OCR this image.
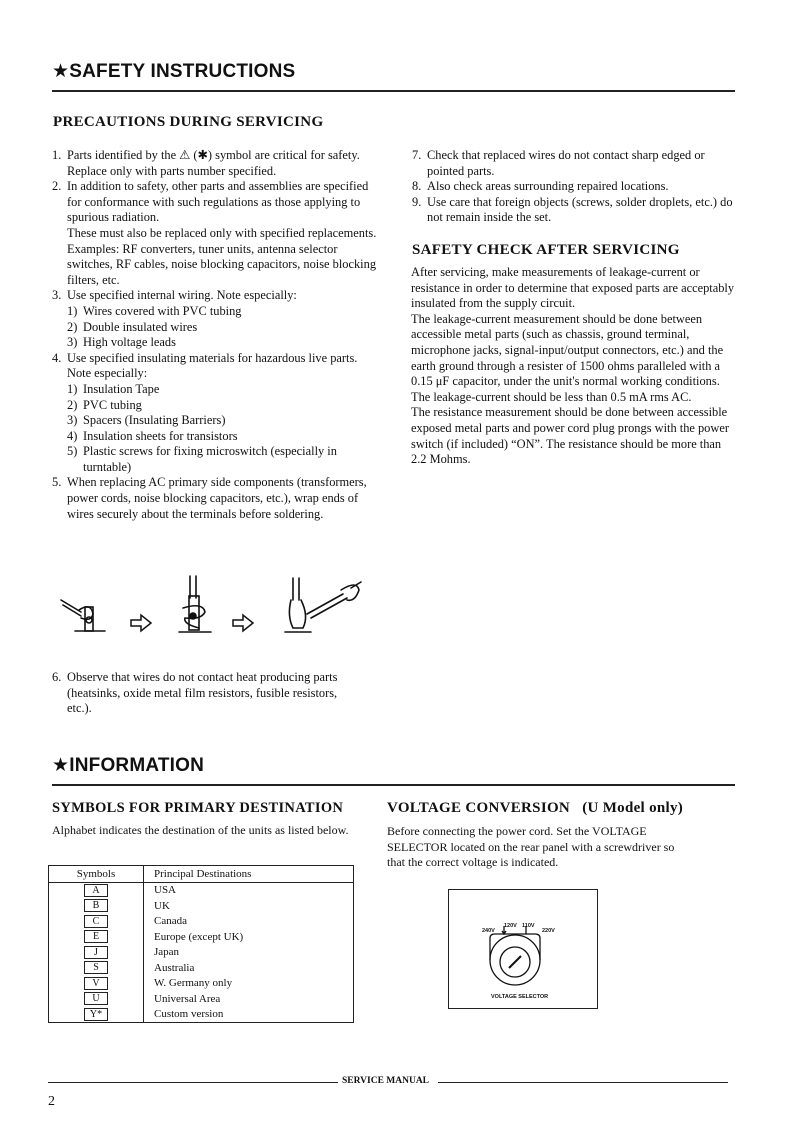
★SAFETY INSTRUCTIONS
PRECAUTIONS DURING SERVICING
1. Parts identified by the ⚠ (✱) symbol are critical for safety. Replace only with parts number specified.
2. In addition to safety, other parts and assemblies are specified for conformance with such regulations as those applying to spurious radiation.
These must also be replaced only with specified replacements.
Examples: RF converters, tuner units, antenna selector switches, RF cables, noise blocking capacitors, noise blocking filters, etc.
3. Use specified internal wiring. Note especially:
1) Wires covered with PVC tubing
2) Double insulated wires
3) High voltage leads
4. Use specified insulating materials for hazardous live parts. Note especially:
1) Insulation Tape
2) PVC tubing
3) Spacers (Insulating Barriers)
4) Insulation sheets for transistors
5) Plastic screws for fixing microswitch (especially in turntable)
5. When replacing AC primary side components (transformers, power cords, noise blocking capacitors, etc.), wrap ends of wires securely about the terminals before soldering.
6. Observe that wires do not contact heat producing parts (heatsinks, oxide metal film resistors, fusible resistors, etc.).
7. Check that replaced wires do not contact sharp edged or pointed parts.
8. Also check areas surrounding repaired locations.
9. Use care that foreign objects (screws, solder droplets, etc.) do not remain inside the set.
SAFETY CHECK AFTER SERVICING

After servicing, make measurements of leakage-current or resistance in order to determine that exposed parts are acceptably insulated from the supply circuit.

The leakage-current measurement should be done between accessible metal parts (such as chassis, ground terminal, microphone jacks, signal-input/output connectors, etc.) and the earth ground through a resister of 1500 ohms paralleled with a 0.15 μF capacitor, under the unit's normal working conditions. The leakage-current should be less than 0.5 mA rms AC.

The resistance measurement should be done between accessible exposed metal parts and power cord plug prongs with the power switch (if included) “ON”. The resistance should be more than 2.2 Mohms.

★INFORMATION
SYMBOLS FOR PRIMARY DESTINATION
Alphabet indicates the destination of the units as listed below.
Symbols	Principal Destinations
A	USA
B	UK
C	Canada
E	Europe (except UK)
J	Japan
S	Australia
V	W. Germany only
U	Universal Area
Y*	Custom version
VOLTAGE CONVERSION (U Model only)
Before connecting the power cord. Set the VOLTAGE SELECTOR located on the rear panel with a screwdriver so that the correct voltage is indicated.
240V
120V 110V
220V
VOLTAGE SELECTOR
SERVICE MANUAL
2
